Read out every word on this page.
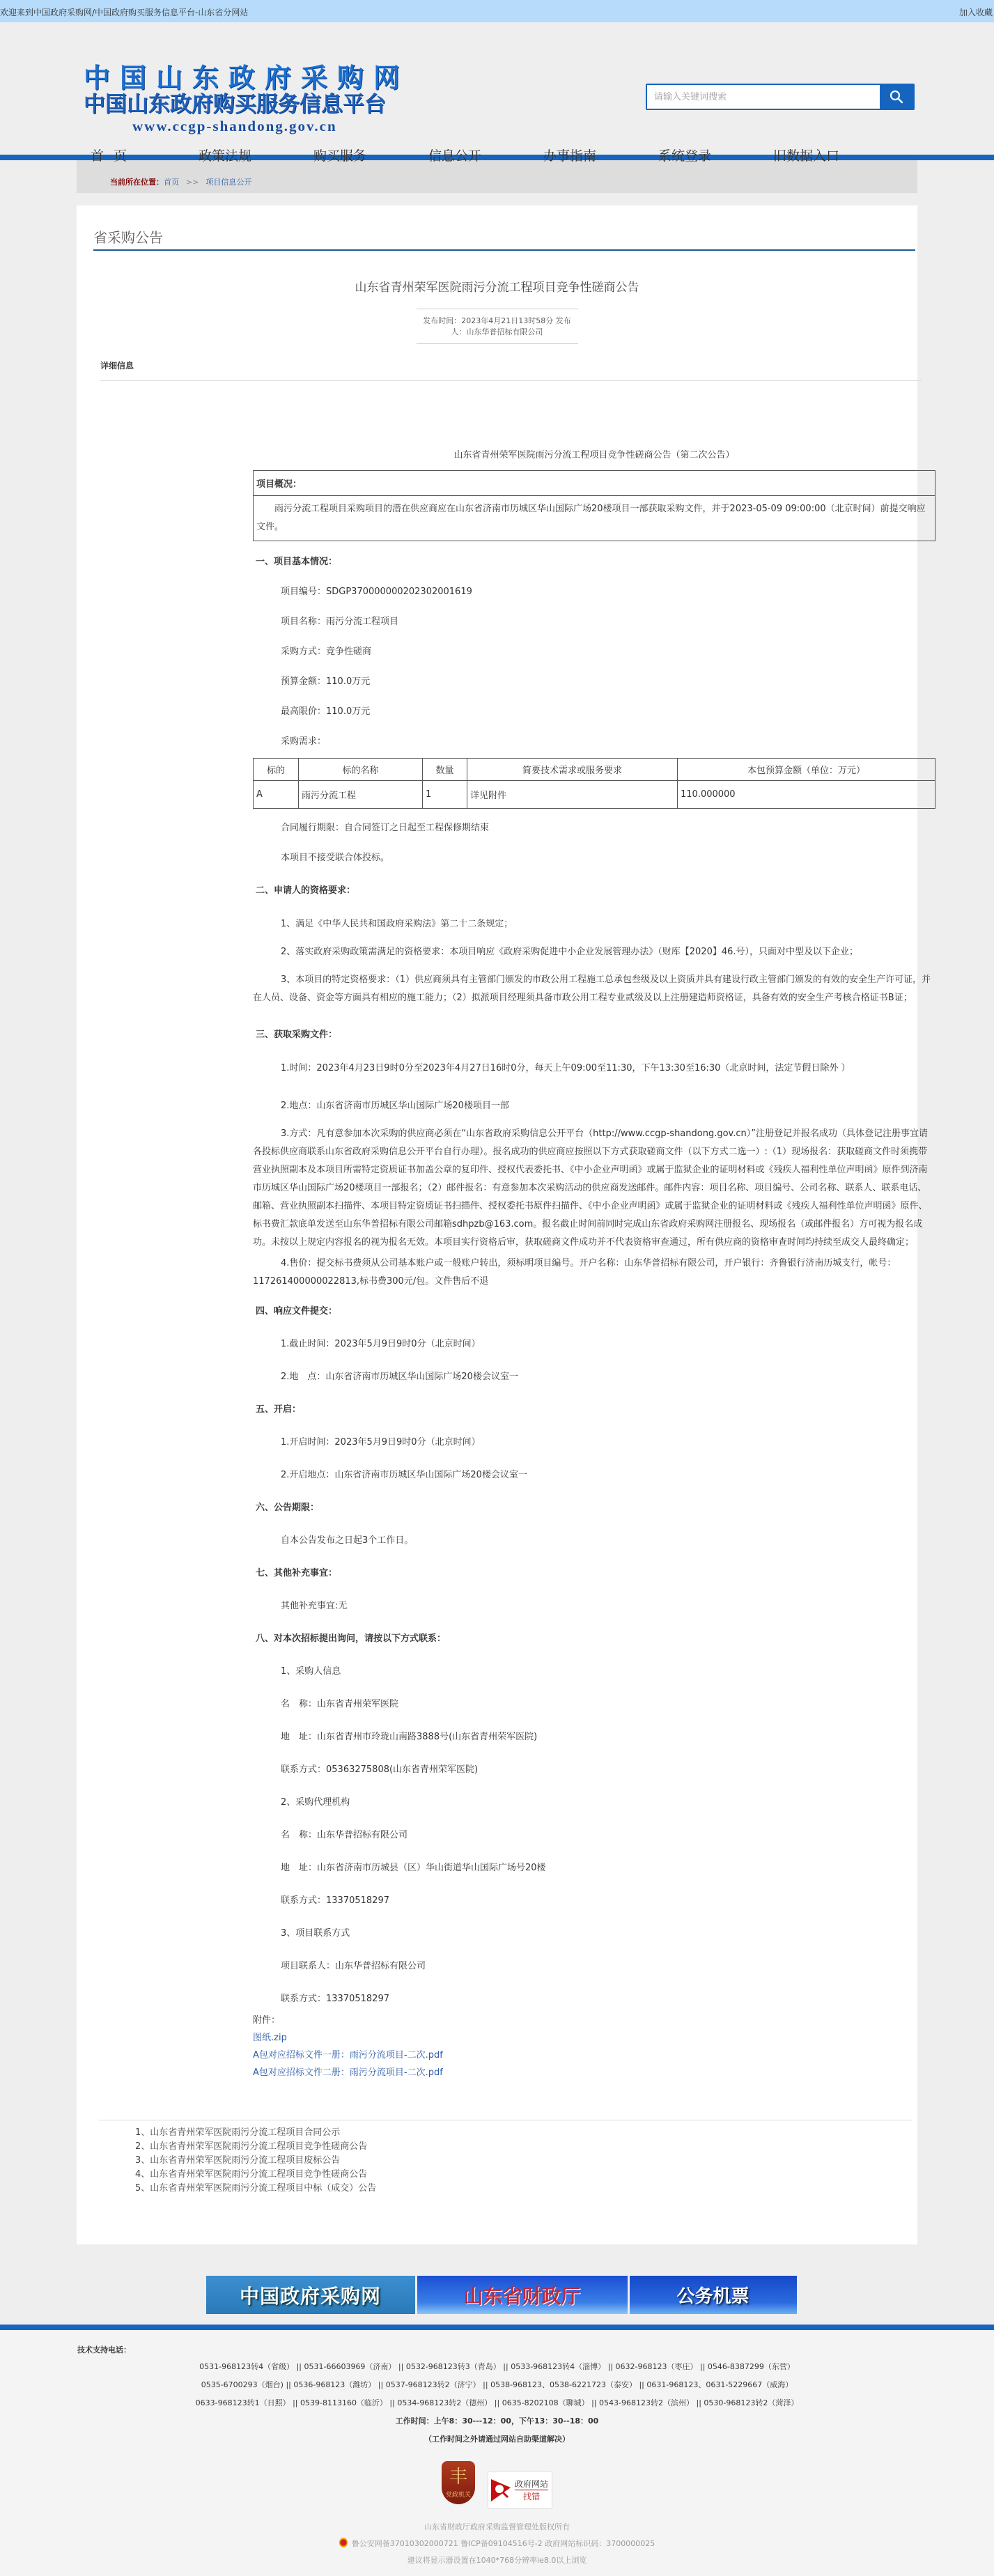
欢迎来到中国政府采购网/中国政府购买服务信息平台-山东省分网站	加入收藏
中国山东政府采购网
中国山东政府购买服务信息平台
www.ccgp-shandong.gov.cn
请输入关键词搜索
首页	政策法规	购买服务	信息公开	办事指南	系统登录	旧数据入口
当前所在位置：首页 >> 项目信息公开
省采购公告
山东省青州荣军医院雨污分流工程项目竞争性磋商公告
发布时间：2023年4月21日13时58分 发布人：山东华普招标有限公司
详细信息
山东省青州荣军医院雨污分流工程项目竞争性磋商公告（第二次公告）
项目概况：
雨污分流工程项目采购项目的潜在供应商应在山东省济南市历城区华山国际广场20楼项目一部获取采购文件，并于2023-05-09 09:00:00（北京时间）前提交响应文件。
一、项目基本情况：
项目编号：SDGP370000000202302001619
项目名称：雨污分流工程项目
采购方式：竞争性磋商
预算金额：110.0万元
最高限价：110.0万元
采购需求：
标的	标的名称	数量	简要技术需求或服务要求	本包预算金额（单位：万元）
A	雨污分流工程	1	详见附件	110.000000
合同履行期限：自合同签订之日起至工程保修期结束
本项目不接受联合体投标。
二、申请人的资格要求：
1、满足《中华人民共和国政府采购法》第二十二条规定；
2、落实政府采购政策需满足的资格要求：本项目响应《政府采购促进中小企业发展管理办法》（财库【2020】46.号），只面对中型及以下企业；
3、本项目的特定资格要求：（1）供应商须具有主管部门颁发的市政公用工程施工总承包叁级及以上资质并具有建设行政主管部门颁发的有效的安全生产许可证，并在人员、设备、资金等方面具有相应的施工能力；（2）拟派项目经理须具备市政公用工程专业贰级及以上注册建造师资格证，具备有效的安全生产考核合格证书B证；
三、获取采购文件：
1.时间：2023年4月23日9时0分至2023年4月27日16时0分，每天上午09:00至11:30，下午13:30至16:30（北京时间，法定节假日除外 ）
2.地点：山东省济南市历城区华山国际广场20楼项目一部
3.方式：凡有意参加本次采购的供应商必须在“山东省政府采购信息公开平台（http://www.ccgp-shandong.gov.cn）”注册登记并报名成功（具体登记注册事宜请各投标供应商联系山东省政府采购信息公开平台自行办理）。报名成功的供应商应按照以下方式获取磋商文件（以下方式二选一）:（1）现场报名：获取磋商文件时须携带营业执照副本及本项目所需特定资质证书加盖公章的复印件、授权代表委托书、《中小企业声明函》或属于监狱企业的证明材料或《残疾人福利性单位声明函》原件到济南市历城区华山国际广场20楼项目一部报名；（2）邮件报名：有意参加本次采购活动的供应商发送邮件。邮件内容：项目名称、项目编号、公司名称、联系人、联系电话、邮箱、营业执照副本扫描件、本项目特定资质证书扫描件、授权委托书原件扫描件、《中小企业声明函》或属于监狱企业的证明材料或《残疾人福利性单位声明函》原件、标书费汇款底单发送至山东华普招标有限公司邮箱sdhpzb@163.com。报名截止时间前同时完成山东省政府采购网注册报名、现场报名（或邮件报名）方可视为报名成功。未按以上规定内容报名的视为报名无效。本项目实行资格后审，获取磋商文件成功并不代表资格审查通过，所有供应商的资格审查时间均持续至成交人最终确定；
4.售价：提交标书费须从公司基本账户或一般账户转出，须标明项目编号。开户名称：山东华普招标有限公司，开户银行：齐鲁银行济南历城支行，帐号：117261400000022813,标书费300元/包。文件售后不退
四、响应文件提交：
1.截止时间：2023年5月9日9时0分（北京时间）
2.地　点：山东省济南市历城区华山国际广场20楼会议室一
五、开启：
1.开启时间：2023年5月9日9时0分（北京时间）
2.开启地点：山东省济南市历城区华山国际广场20楼会议室一
六、公告期限：
自本公告发布之日起3个工作日。
七、其他补充事宜：
其他补充事宜:无
八、对本次招标提出询问，请按以下方式联系：
1、采购人信息
名　称：山东省青州荣军医院
地　址：山东省青州市玲珑山南路3888号(山东省青州荣军医院)
联系方式：05363275808(山东省青州荣军医院)
2、采购代理机构
名　称：山东华普招标有限公司
地　址：山东省济南市历城县（区）华山街道华山国际广场号20楼
联系方式：13370518297
3、项目联系方式
项目联系人：山东华普招标有限公司
联系方式：13370518297
附件：
图纸.zip
A包对应招标文件一册：雨污分流项目-二次.pdf
A包对应招标文件二册：雨污分流项目-二次.pdf
1、山东省青州荣军医院雨污分流工程项目合同公示
2、山东省青州荣军医院雨污分流工程项目竞争性磋商公告
3、山东省青州荣军医院雨污分流工程项目废标公告
4、山东省青州荣军医院雨污分流工程项目竞争性磋商公告
5、山东省青州荣军医院雨污分流工程项目中标（成交）公告
中国政府采购网	山东省财政厅	公务机票
技术支持电话：
0531-968123转4（省级） || 0531-66603969（济南） || 0532-968123转3（青岛） || 0533-968123转4（淄博） || 0632-968123（枣庄） || 0546-8387299（东营）
0535-6700293（烟台) || 0536-968123（潍坊） || 0537-968123转2（济宁） || 0538-968123、0538-6221723（泰安） || 0631-968123、0631-5229667（威海）
0633-968123转1（日照） || 0539-8113160（临沂） || 0534-968123转2（德州） || 0635-8202108（聊城） || 0543-968123转2（滨州） || 0530-968123转2（菏泽）
工作时间：上午8：30---12：00，下午13：30--18：00
（工作时间之外请通过网站自助渠道解决）
丰
党政机关
政府网站
找错
山东省财政厅政府采购监督管理处版权所有
鲁公安网备37010302000721 鲁ICP备09104516号-2 政府网站标识码：3700000025
建议将显示器设置在1040*768分辨率ie8.0以上浏览
